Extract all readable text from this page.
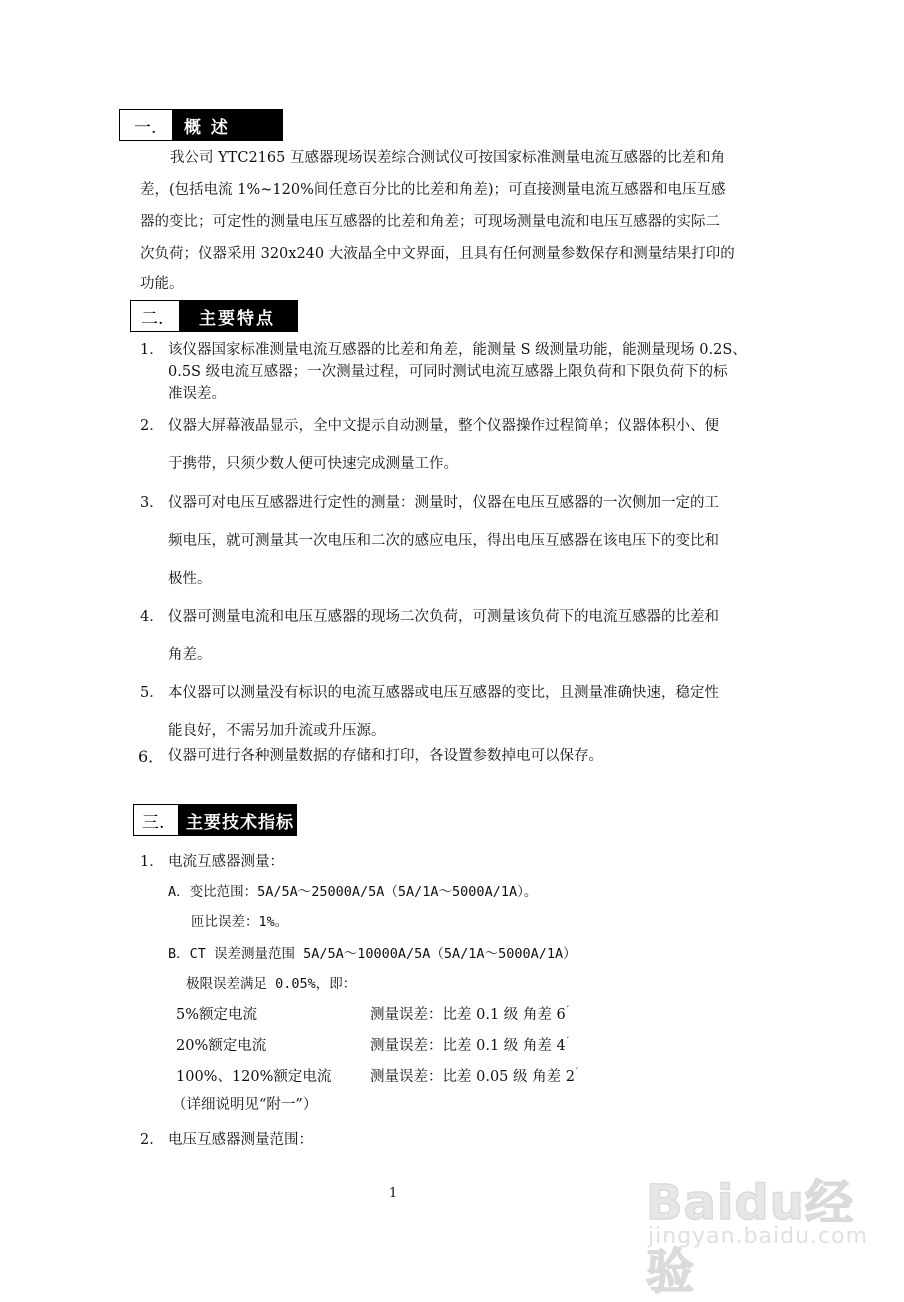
一.	概 述
我公司 YTC2165 互感器现场误差综合测试仪可按国家标准测量电流互感器的比差和角
差，(包括电流 1%~120%间任意百分比的比差和角差)；可直接测量电流互感器和电压互感
器的变比；可定性的测量电压互感器的比差和角差；可现场测量电流和电压互感器的实际二
次负荷；仪器采用 320x240 大液晶全中文界面，且具有任何测量参数保存和测量结果打印的
功能。
二.	主要特点
1． 该仪器国家标准测量电流互感器的比差和角差，能测量 S 级测量功能，能测量现场 0.2S、
0.5S 级电流互感器；一次测量过程，可同时测试电流互感器上限负荷和下限负荷下的标
准误差。
2． 仪器大屏幕液晶显示，全中文提示自动测量，整个仪器操作过程简单；仪器体积小、便
于携带，只须少数人便可快速完成测量工作。
3． 仪器可对电压互感器进行定性的测量：测量时，仪器在电压互感器的一次侧加一定的工
频电压，就可测量其一次电压和二次的感应电压，得出电压互感器在该电压下的变比和
极性。
4． 仪器可测量电流和电压互感器的现场二次负荷，可测量该负荷下的电流互感器的比差和
角差。
5． 本仪器可以测量没有标识的电流互感器或电压互感器的变比，且测量准确快速，稳定性
能良好，不需另加升流或升压源。
6． 仪器可进行各种测量数据的存储和打印，各设置参数掉电可以保存。
三.	主要技术指标
1． 电流互感器测量：
A．变比范围：5A/5A～25000A/5A（5A/1A～5000A/1A）。
匝比误差：1%。
B．CT 误差测量范围 5A/5A～10000A/5A（5A/1A～5000A/1A）
极限误差满足 0.05%，即：
5%额定电流	测量误差：比差 0.1 级 角差 6′
20%额定电流	测量误差：比差 0.1 级 角差 4′
100%、120%额定电流	测量误差：比差 0.05 级 角差 2′
（详细说明见“附一”）
2． 电压互感器测量范围：
1	Baidu经验
jingyan.baidu.com
